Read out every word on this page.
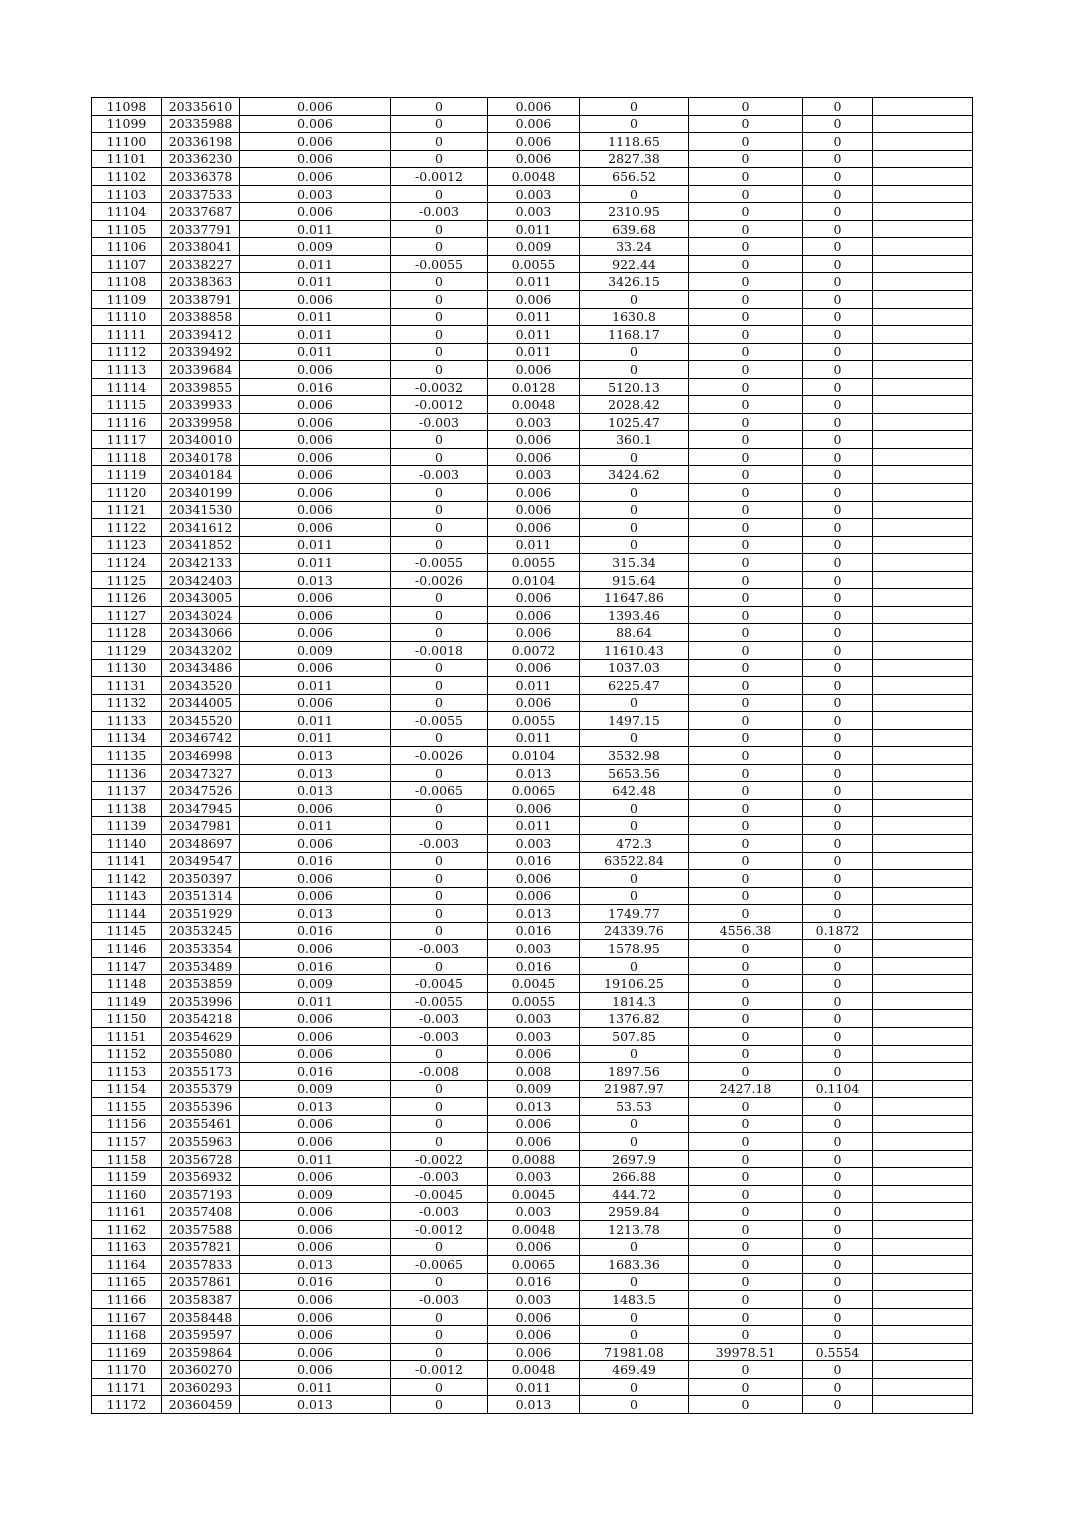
11098	20335610	0.006	0	0.006	0	0	0	
11099	20335988	0.006	0	0.006	0	0	0	
11100	20336198	0.006	0	0.006	1118.65	0	0	
11101	20336230	0.006	0	0.006	2827.38	0	0	
11102	20336378	0.006	-0.0012	0.0048	656.52	0	0	
11103	20337533	0.003	0	0.003	0	0	0	
11104	20337687	0.006	-0.003	0.003	2310.95	0	0	
11105	20337791	0.011	0	0.011	639.68	0	0	
11106	20338041	0.009	0	0.009	33.24	0	0	
11107	20338227	0.011	-0.0055	0.0055	922.44	0	0	
11108	20338363	0.011	0	0.011	3426.15	0	0	
11109	20338791	0.006	0	0.006	0	0	0	
11110	20338858	0.011	0	0.011	1630.8	0	0	
11111	20339412	0.011	0	0.011	1168.17	0	0	
11112	20339492	0.011	0	0.011	0	0	0	
11113	20339684	0.006	0	0.006	0	0	0	
11114	20339855	0.016	-0.0032	0.0128	5120.13	0	0	
11115	20339933	0.006	-0.0012	0.0048	2028.42	0	0	
11116	20339958	0.006	-0.003	0.003	1025.47	0	0	
11117	20340010	0.006	0	0.006	360.1	0	0	
11118	20340178	0.006	0	0.006	0	0	0	
11119	20340184	0.006	-0.003	0.003	3424.62	0	0	
11120	20340199	0.006	0	0.006	0	0	0	
11121	20341530	0.006	0	0.006	0	0	0	
11122	20341612	0.006	0	0.006	0	0	0	
11123	20341852	0.011	0	0.011	0	0	0	
11124	20342133	0.011	-0.0055	0.0055	315.34	0	0	
11125	20342403	0.013	-0.0026	0.0104	915.64	0	0	
11126	20343005	0.006	0	0.006	11647.86	0	0	
11127	20343024	0.006	0	0.006	1393.46	0	0	
11128	20343066	0.006	0	0.006	88.64	0	0	
11129	20343202	0.009	-0.0018	0.0072	11610.43	0	0	
11130	20343486	0.006	0	0.006	1037.03	0	0	
11131	20343520	0.011	0	0.011	6225.47	0	0	
11132	20344005	0.006	0	0.006	0	0	0	
11133	20345520	0.011	-0.0055	0.0055	1497.15	0	0	
11134	20346742	0.011	0	0.011	0	0	0	
11135	20346998	0.013	-0.0026	0.0104	3532.98	0	0	
11136	20347327	0.013	0	0.013	5653.56	0	0	
11137	20347526	0.013	-0.0065	0.0065	642.48	0	0	
11138	20347945	0.006	0	0.006	0	0	0	
11139	20347981	0.011	0	0.011	0	0	0	
11140	20348697	0.006	-0.003	0.003	472.3	0	0	
11141	20349547	0.016	0	0.016	63522.84	0	0	
11142	20350397	0.006	0	0.006	0	0	0	
11143	20351314	0.006	0	0.006	0	0	0	
11144	20351929	0.013	0	0.013	1749.77	0	0	
11145	20353245	0.016	0	0.016	24339.76	4556.38	0.1872	
11146	20353354	0.006	-0.003	0.003	1578.95	0	0	
11147	20353489	0.016	0	0.016	0	0	0	
11148	20353859	0.009	-0.0045	0.0045	19106.25	0	0	
11149	20353996	0.011	-0.0055	0.0055	1814.3	0	0	
11150	20354218	0.006	-0.003	0.003	1376.82	0	0	
11151	20354629	0.006	-0.003	0.003	507.85	0	0	
11152	20355080	0.006	0	0.006	0	0	0	
11153	20355173	0.016	-0.008	0.008	1897.56	0	0	
11154	20355379	0.009	0	0.009	21987.97	2427.18	0.1104	
11155	20355396	0.013	0	0.013	53.53	0	0	
11156	20355461	0.006	0	0.006	0	0	0	
11157	20355963	0.006	0	0.006	0	0	0	
11158	20356728	0.011	-0.0022	0.0088	2697.9	0	0	
11159	20356932	0.006	-0.003	0.003	266.88	0	0	
11160	20357193	0.009	-0.0045	0.0045	444.72	0	0	
11161	20357408	0.006	-0.003	0.003	2959.84	0	0	
11162	20357588	0.006	-0.0012	0.0048	1213.78	0	0	
11163	20357821	0.006	0	0.006	0	0	0	
11164	20357833	0.013	-0.0065	0.0065	1683.36	0	0	
11165	20357861	0.016	0	0.016	0	0	0	
11166	20358387	0.006	-0.003	0.003	1483.5	0	0	
11167	20358448	0.006	0	0.006	0	0	0	
11168	20359597	0.006	0	0.006	0	0	0	
11169	20359864	0.006	0	0.006	71981.08	39978.51	0.5554	
11170	20360270	0.006	-0.0012	0.0048	469.49	0	0	
11171	20360293	0.011	0	0.011	0	0	0	
11172	20360459	0.013	0	0.013	0	0	0	
